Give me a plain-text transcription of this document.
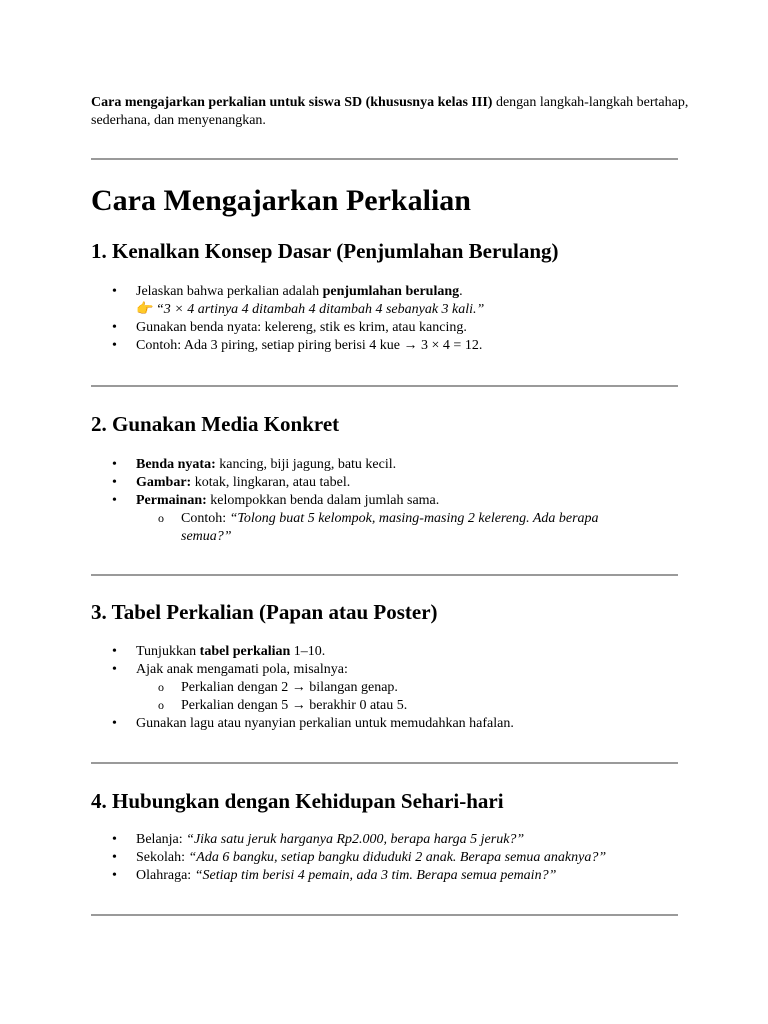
Cara mengajarkan perkalian untuk siswa SD (khususnya kelas III) dengan langkah-langkah bertahap, sederhana, dan menyenangkan.

Cara Mengajarkan Perkalian
1. Kenalkan Konsep Dasar (Penjumlahan Berulang)
• Jelaskan bahwa perkalian adalah penjumlahan berulang.
👉 “3 × 4 artinya 4 ditambah 4 ditambah 4 sebanyak 3 kali.”
• Gunakan benda nyata: kelereng, stik es krim, atau kancing.
• Contoh: Ada 3 piring, setiap piring berisi 4 kue → 3 × 4 = 12.
2. Gunakan Media Konkret
• Benda nyata: kancing, biji jagung, batu kecil.
• Gambar: kotak, lingkaran, atau tabel.
• Permainan: kelompokkan benda dalam jumlah sama.
o Contoh: “Tolong buat 5 kelompok, masing-masing 2 kelereng. Ada berapa semua?”
3. Tabel Perkalian (Papan atau Poster)
• Tunjukkan tabel perkalian 1–10.
• Ajak anak mengamati pola, misalnya:
o Perkalian dengan 2 → bilangan genap.
o Perkalian dengan 5 → berakhir 0 atau 5.
• Gunakan lagu atau nyanyian perkalian untuk memudahkan hafalan.
4. Hubungkan dengan Kehidupan Sehari-hari
• Belanja: “Jika satu jeruk harganya Rp2.000, berapa harga 5 jeruk?”
• Sekolah: “Ada 6 bangku, setiap bangku diduduki 2 anak. Berapa semua anaknya?”
• Olahraga: “Setiap tim berisi 4 pemain, ada 3 tim. Berapa semua pemain?”
